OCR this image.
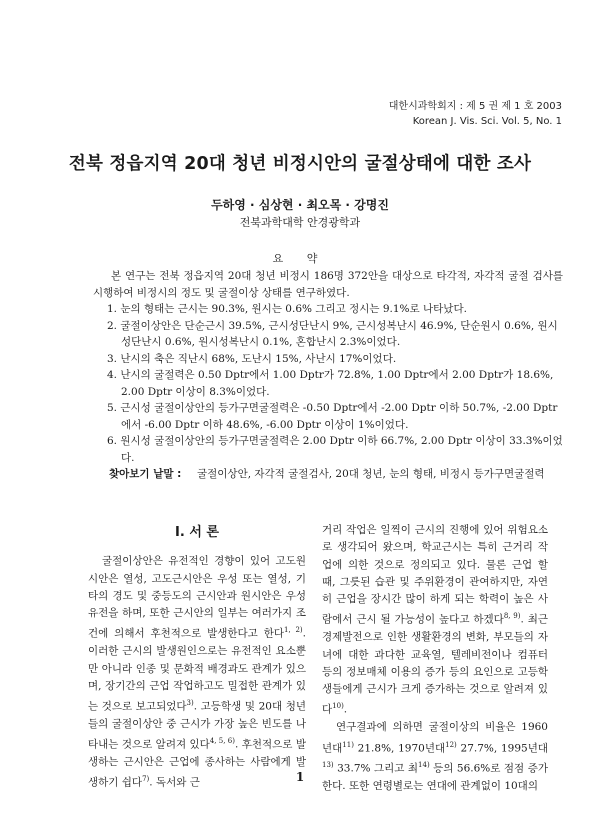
대한시과학회지 : 제 5 권 제 1 호 2003
Korean J. Vis. Sci. Vol. 5, No. 1
전북 정읍지역 20대 청년 비정시안의 굴절상태에 대한 조사
두하영 · 심상현 · 최오목 · 강명진
전북과학대학 안경광학과
요 약

본 연구는 전북 정읍지역 20대 청년 비정시 186명 372안을 대상으로 타각적, 자각적 굴절 검사를 시행하여 비정시의 정도 및 굴절이상 상태를 연구하였다.

1. 눈의 형태는 근시는 90.3%, 원시는 0.6% 그리고 정시는 9.1%로 나타났다.
2. 굴절이상안은 단순근시 39.5%, 근시성단난시 9%, 근시성복난시 46.9%, 단순원시 0.6%, 원시성단난시 0.6%, 원시성복난시 0.1%, 혼합난시 2.3%이었다.
3. 난시의 축은 직난시 68%, 도난시 15%, 사난시 17%이었다.
4. 난시의 굴절력은 0.50 Dptr에서 1.00 Dptr가 72.8%, 1.00 Dptr에서 2.00 Dptr가 18.6%, 2.00 Dptr 이상이 8.3%이었다.
5. 근시성 굴절이상안의 등가구면굴절력은 -0.50 Dptr에서 -2.00 Dptr 이하 50.7%, -2.00 Dptr에서 -6.00 Dptr 이하 48.6%, -6.00 Dptr 이상이 1%이었다.
6. 원시성 굴절이상안의 등가구면굴절력은 2.00 Dptr 이하 66.7%, 2.00 Dptr 이상이 33.3%이었다.
찾아보기 낱말 :	굴절이상안, 자각적 굴절검사, 20대 청년, 눈의 형태, 비정시 등가구면굴절력
Ⅰ. 서 론

굴절이상안은 유전적인 경향이 있어 고도원시안은 열성, 고도근시안은 우성 또는 열성, 기타의 경도 및 중등도의 근시안과 원시안은 우성유전을 하며, 또한 근시안의 일부는 여러가지 조건에 의해서 후천적으로 발생한다고 한다$^{1, 2)}$. 이러한 근시의 발생원인으로는 유전적인 요소뿐만 아니라 인종 및 문화적 배경과도 관계가 있으며, 장기간의 근업 작업하고도 밀접한 관계가 있는 것으로 보고되었다$^{3)}$. 고등학생 및 20대 청년들의 굴절이상안 중 근시가 가장 높은 빈도를 나타내는 것으로 알려져 있다$^{4, 5, 6)}$. 후천적으로 발생하는 근시안은 근업에 종사하는 사람에게 발생하기 쉽다$^{7)}$. 독서와 근

거리 작업은 일찍이 근시의 진행에 있어 위험요소로 생각되어 왔으며, 학교근시는 특히 근거리 작업에 의한 것으로 정의되고 있다. 물론 근업 할 때, 그릇된 습관 및 주위환경이 관여하지만, 자연히 근업을 장시간 많이 하게 되는 학력이 높은 사람에서 근시 될 가능성이 높다고 하겠다$^{8, 9)}$. 최근 경제발전으로 인한 생활환경의 변화, 부모들의 자녀에 대한 과다한 교육열, 텔레비전이나 컴퓨터 등의 정보매체 이용의 증가 등의 요인으로 고등학생들에게 근시가 크게 증가하는 것으로 알려져 있다$^{10)}$.

연구결과에 의하면 굴절이상의 비율은 1960년대$^{11)}$ 21.8%, 1970년대$^{12)}$ 27.7%, 1995년대$^{13)}$ 33.7% 그리고 최$^{14)}$ 등의 56.6%로 점점 증가한다. 또한 연령별로는 연대에 관계없이 10대의

1
